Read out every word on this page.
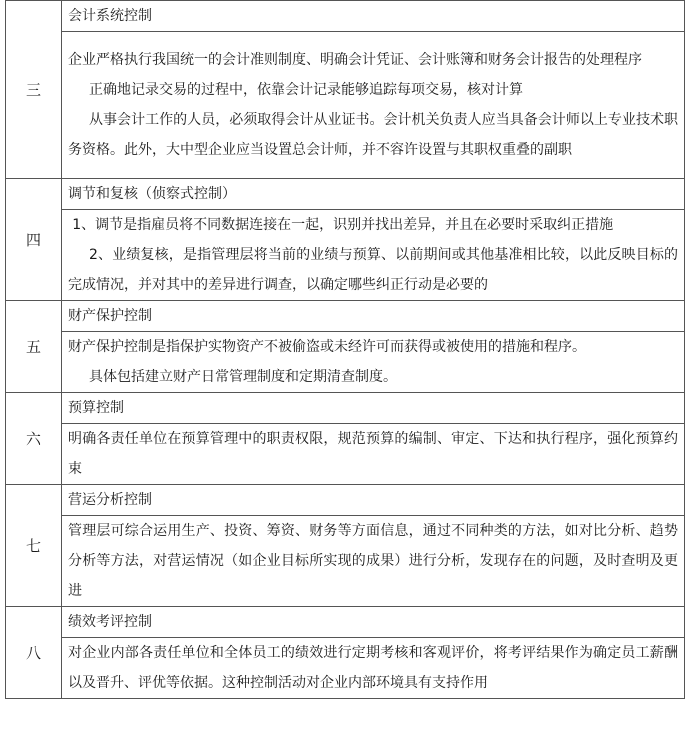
三	会计系统控制

	企业严格执行我国统一的会计准则制度、明确会计凭证、会计账簿和财务会计报告的处理程序

正确地记录交易的过程中，依靠会计记录能够追踪每项交易，核对计算

从事会计工作的人员，必须取得会计从业证书。会计机关负责人应当具备会计师以上专业技术职务资格。此外，大中型企业应当设置总会计师，并不容许设置与其职权重叠的副职

四	调节和复核（侦察式控制）

	1、调节是指雇员将不同数据连接在一起，识别并找出差异，并且在必要时采取纠正措施

2、业绩复核，是指管理层将当前的业绩与预算、以前期间或其他基准相比较，以此反映目标的完成情况，并对其中的差异进行调查，以确定哪些纠正行动是必要的

五	财产保护控制

	财产保护控制是指保护实物资产不被偷盗或未经许可而获得或被使用的措施和程序。

具体包括建立财产日常管理制度和定期清查制度。

六	预算控制

	明确各责任单位在预算管理中的职责权限，规范预算的编制、审定、下达和执行程序，强化预算约束

七	营运分析控制

	管理层可综合运用生产、投资、筹资、财务等方面信息，通过不同种类的方法，如对比分析、趋势分析等方法，对营运情况（如企业目标所实现的成果）进行分析，发现存在的问题，及时查明及更进

八	绩效考评控制

	对企业内部各责任单位和全体员工的绩效进行定期考核和客观评价，将考评结果作为确定员工薪酬以及晋升、评优等依据。这种控制活动对企业内部环境具有支持作用
